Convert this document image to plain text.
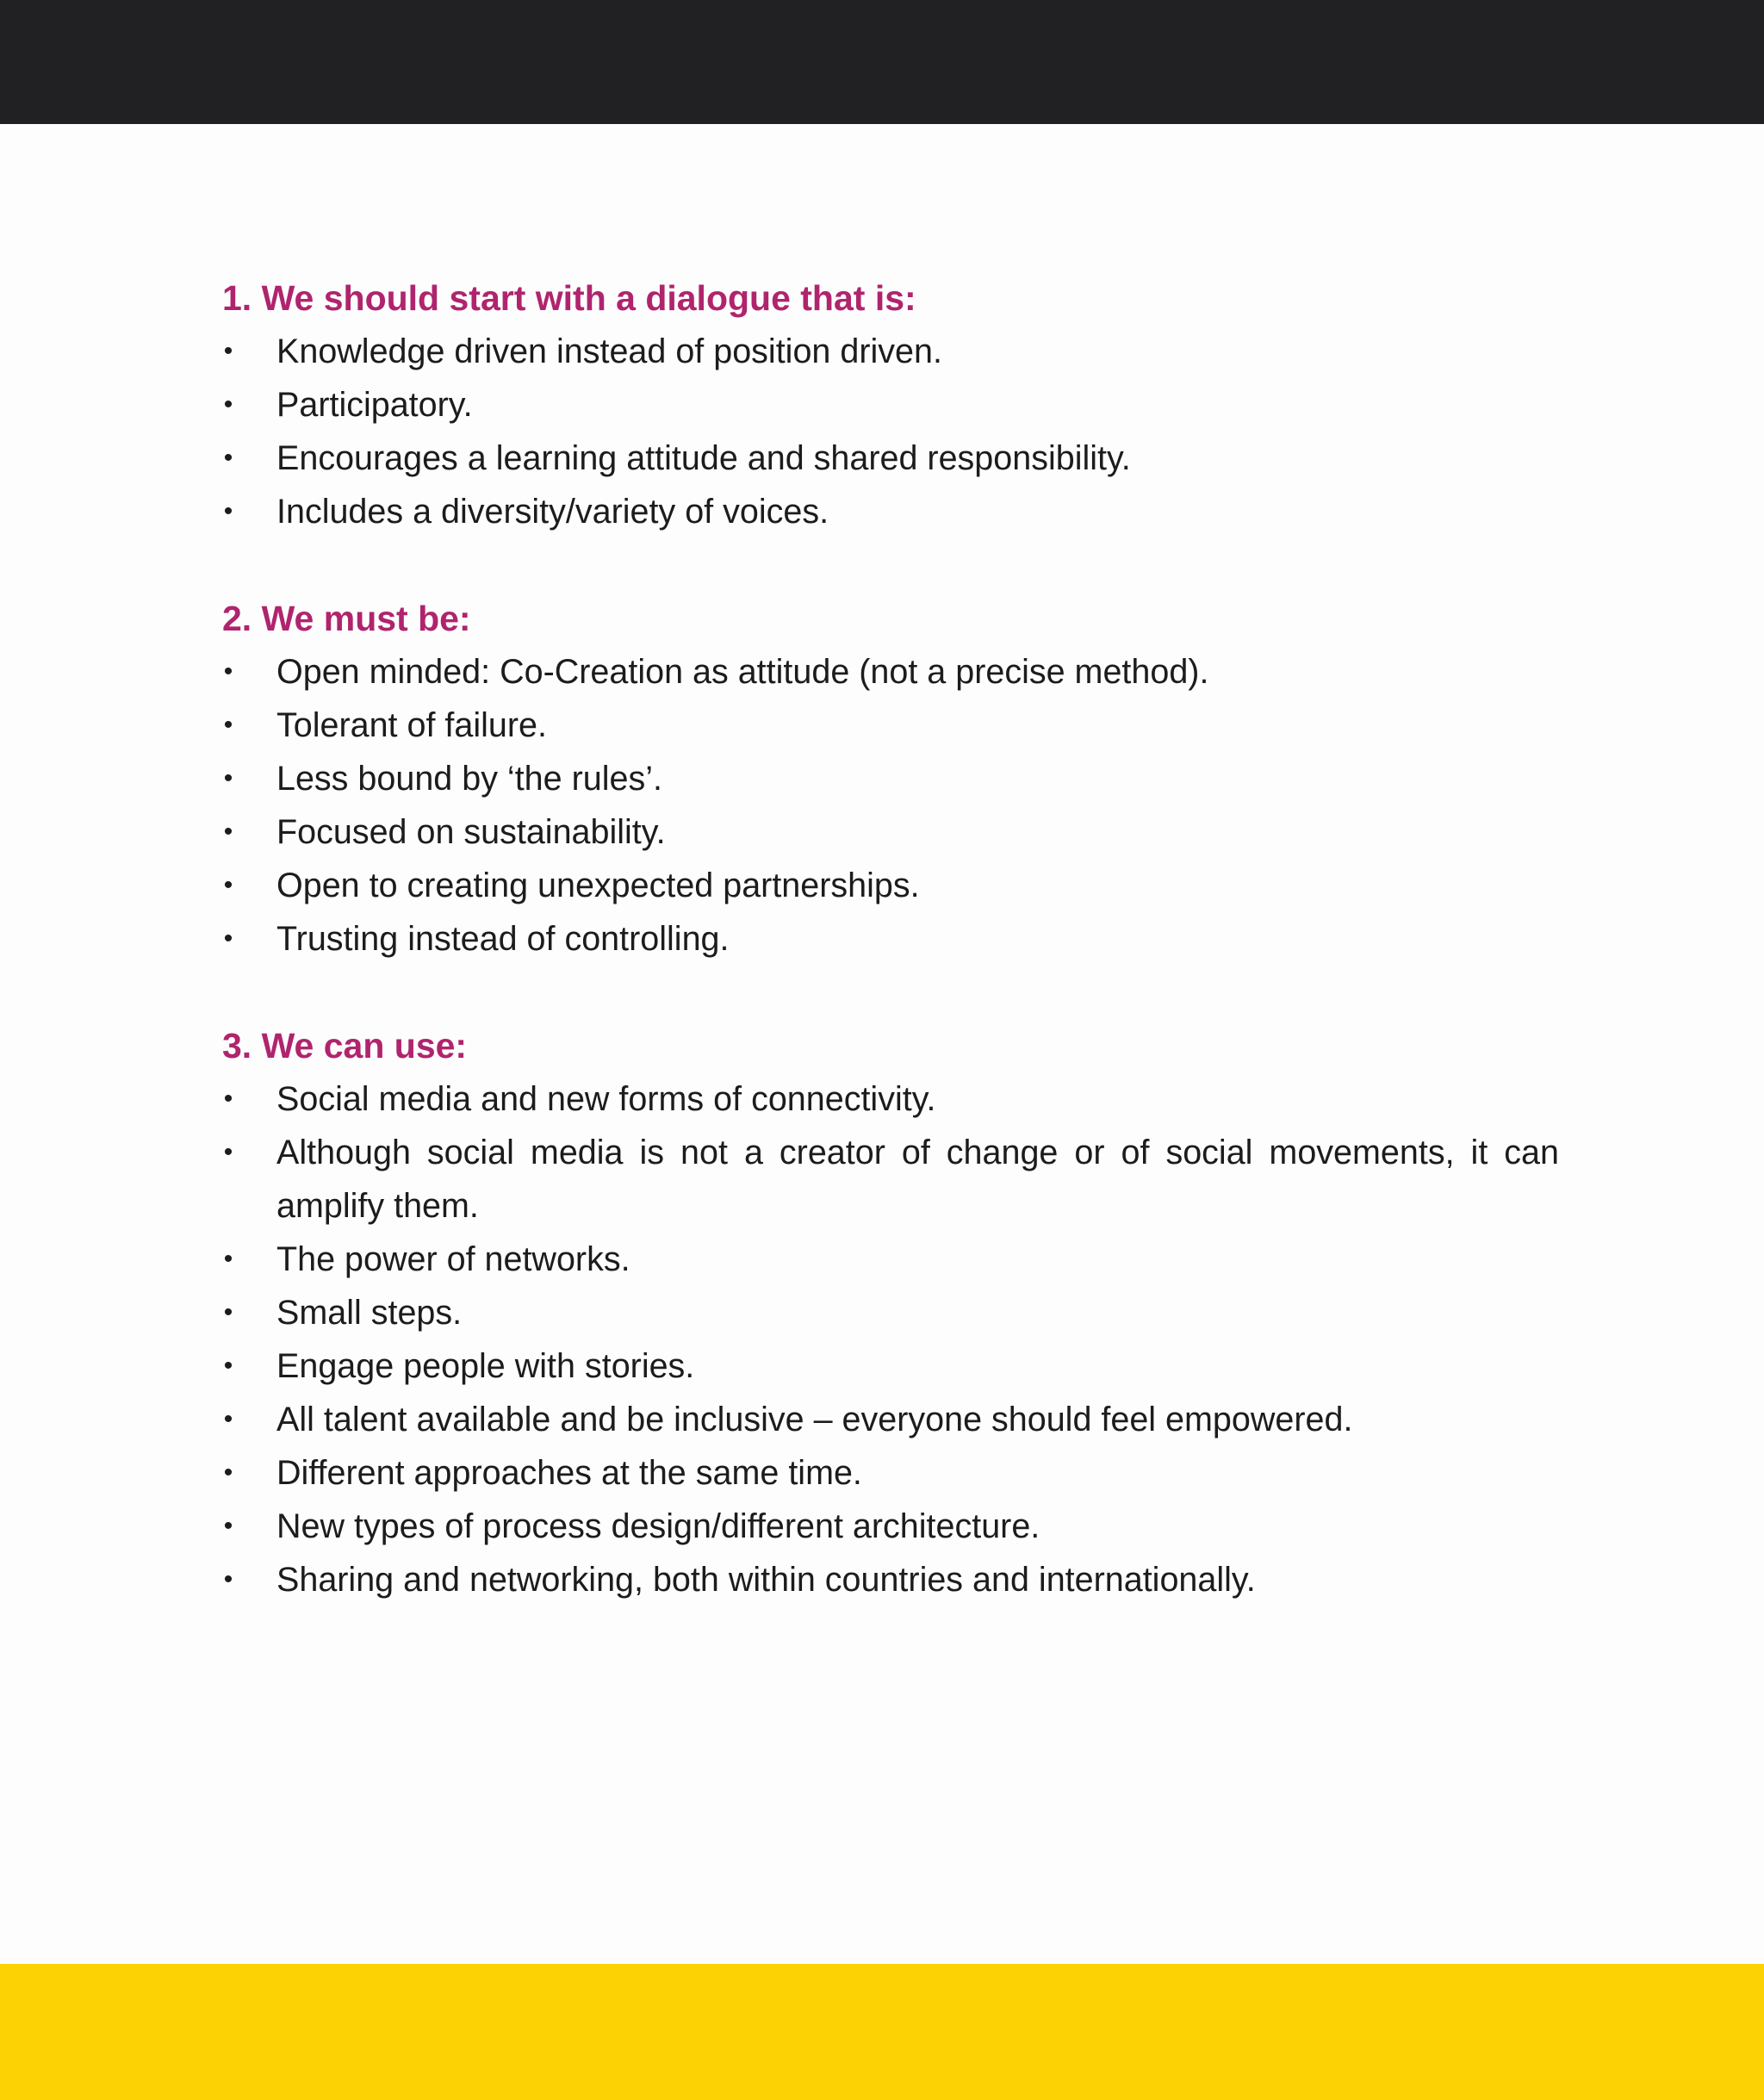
1. We should start with a dialogue that is:
• Knowledge driven instead of position driven.
• Participatory.
• Encourages a learning attitude and shared responsibility.
• Includes a diversity/variety of voices.
2. We must be:
• Open minded: Co-Creation as attitude (not a precise method).
• Tolerant of failure.
• Less bound by ‘the rules’.
• Focused on sustainability.
• Open to creating unexpected partnerships.
• Trusting instead of controlling.
3. We can use:
• Social media and new forms of connectivity.
• Although social media is not a creator of change or of social movements, it can amplify them.
• The power of networks.
• Small steps.
• Engage people with stories.
• All talent available and be inclusive – everyone should feel empowered.
• Different approaches at the same time.
• New types of process design/different architecture.
• Sharing and networking, both within countries and internationally.
